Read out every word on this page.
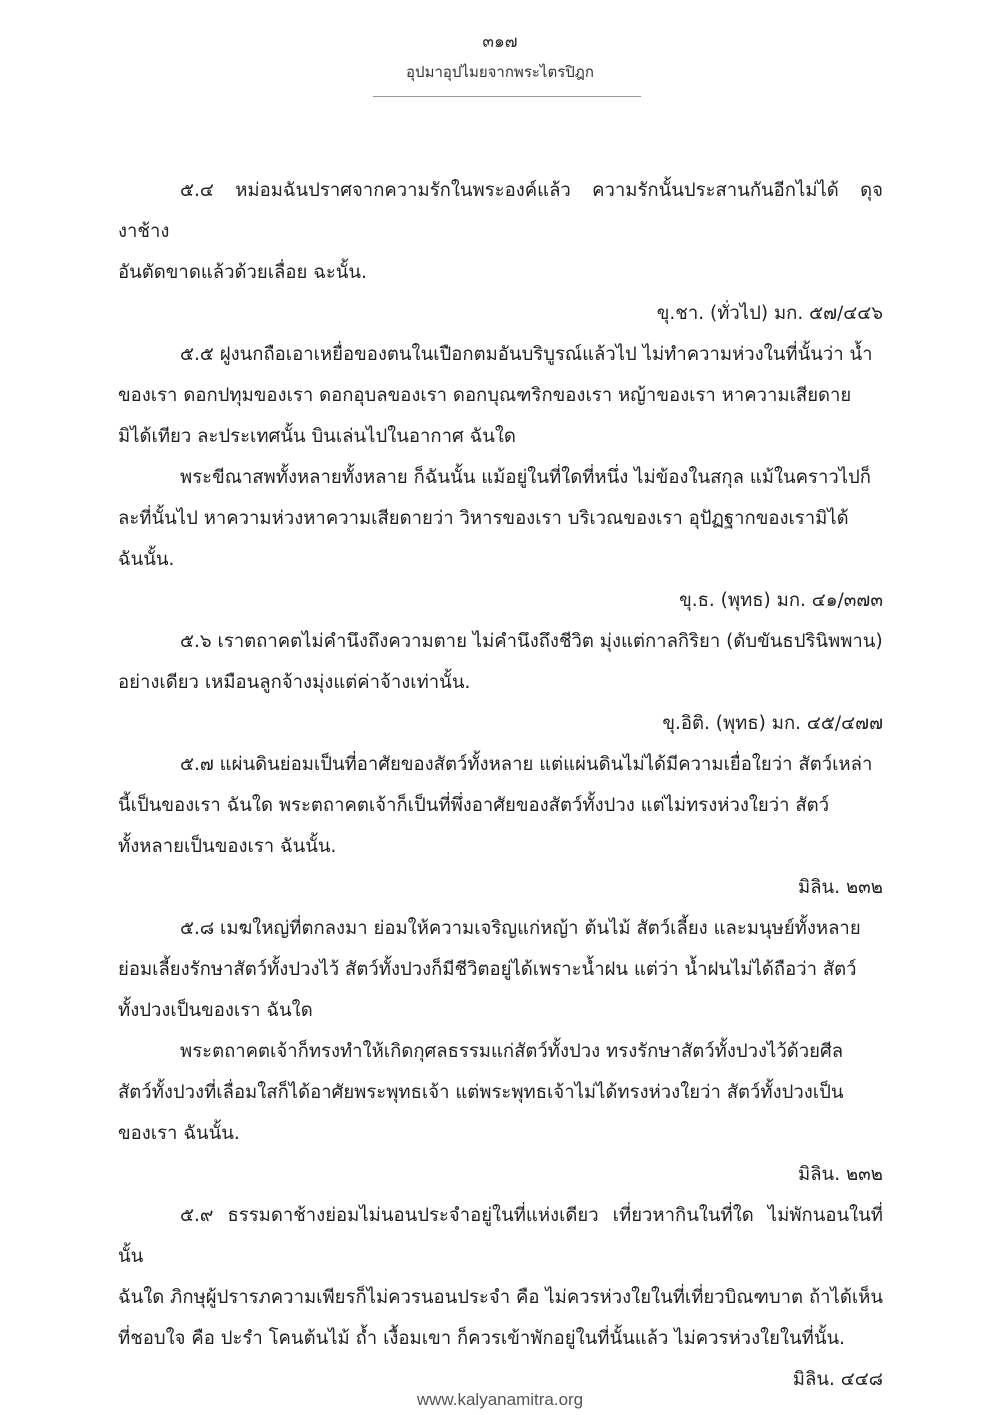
๓๑๗
อุปมาอุปไมยจากพระไตรปิฎก

๕.๔ หม่อมฉันปราศจากความรักในพระองค์แล้ว ความรักนั้นประสานกันอีกไม่ได้ ดุจงาช้าง
อันตัดขาดแล้วด้วยเลื่อย ฉะนั้น.

ขุ.ชา. (ทั่วไป) มก. ๕๗/๔๔๖

๕.๕ ฝูงนกถือเอาเหยื่อของตนในเปือกตมอันบริบูรณ์แล้วไป ไม่ทำความห่วงในที่นั้นว่า น้ำ
ของเรา ดอกปทุมของเรา ดอกอุบลของเรา ดอกบุณฑริกของเรา หญ้าของเรา หาความเสียดาย
มิได้เทียว ละประเทศนั้น บินเล่นไปในอากาศ ฉันใด

พระขีณาสพทั้งหลายทั้งหลาย ก็ฉันนั้น แม้อยู่ในที่ใดที่หนึ่ง ไม่ข้องในสกุล แม้ในคราวไปก็
ละที่นั้นไป หาความห่วงหาความเสียดายว่า วิหารของเรา บริเวณของเรา อุปัฏฐากของเรามิได้
ฉันนั้น.

ขุ.ธ. (พุทธ) มก. ๔๑/๓๗๓

๕.๖ เราตถาคตไม่คำนึงถึงความตาย ไม่คำนึงถึงชีวิต มุ่งแต่กาลกิริยา (ดับขันธปรินิพพาน)
อย่างเดียว เหมือนลูกจ้างมุ่งแต่ค่าจ้างเท่านั้น.

ขุ.อิติ. (พุทธ) มก. ๔๕/๔๗๗

๕.๗ แผ่นดินย่อมเป็นที่อาศัยของสัตว์ทั้งหลาย แต่แผ่นดินไม่ได้มีความเยื่อใยว่า สัตว์เหล่า
นี้เป็นของเรา ฉันใด พระตถาคตเจ้าก็เป็นที่พึ่งอาศัยของสัตว์ทั้งปวง แต่ไม่ทรงห่วงใยว่า สัตว์
ทั้งหลายเป็นของเรา ฉันนั้น.

มิลิน. ๒๓๒

๕.๘ เมฆใหญ่ที่ตกลงมา ย่อมให้ความเจริญแก่หญ้า ต้นไม้ สัตว์เลี้ยง และมนุษย์ทั้งหลาย
ย่อมเลี้ยงรักษาสัตว์ทั้งปวงไว้ สัตว์ทั้งปวงก็มีชีวิตอยู่ได้เพราะน้ำฝน แต่ว่า น้ำฝนไม่ได้ถือว่า สัตว์
ทั้งปวงเป็นของเรา ฉันใด

พระตถาคตเจ้าก็ทรงทำให้เกิดกุศลธรรมแก่สัตว์ทั้งปวง ทรงรักษาสัตว์ทั้งปวงไว้ด้วยศีล
สัตว์ทั้งปวงที่เลื่อมใสก็ได้อาศัยพระพุทธเจ้า แต่พระพุทธเจ้าไม่ได้ทรงห่วงใยว่า สัตว์ทั้งปวงเป็น
ของเรา ฉันนั้น.

มิลิน. ๒๓๒

๕.๙ ธรรมดาช้างย่อมไม่นอนประจำอยู่ในที่แห่งเดียว เที่ยวหากินในที่ใด ไม่พักนอนในที่นั้น
ฉันใด ภิกษุผู้ปรารภความเพียรก็ไม่ควรนอนประจำ คือ ไม่ควรห่วงใยในที่เที่ยวบิณฑบาต ถ้าได้เห็น
ที่ชอบใจ คือ ปะรำ โคนต้นไม้ ถ้ำ เงื้อมเขา ก็ควรเข้าพักอยู่ในที่นั้นแล้ว ไม่ควรห่วงใยในที่นั้น.

มิลิน. ๔๔๘

www.kalyanamitra.org
